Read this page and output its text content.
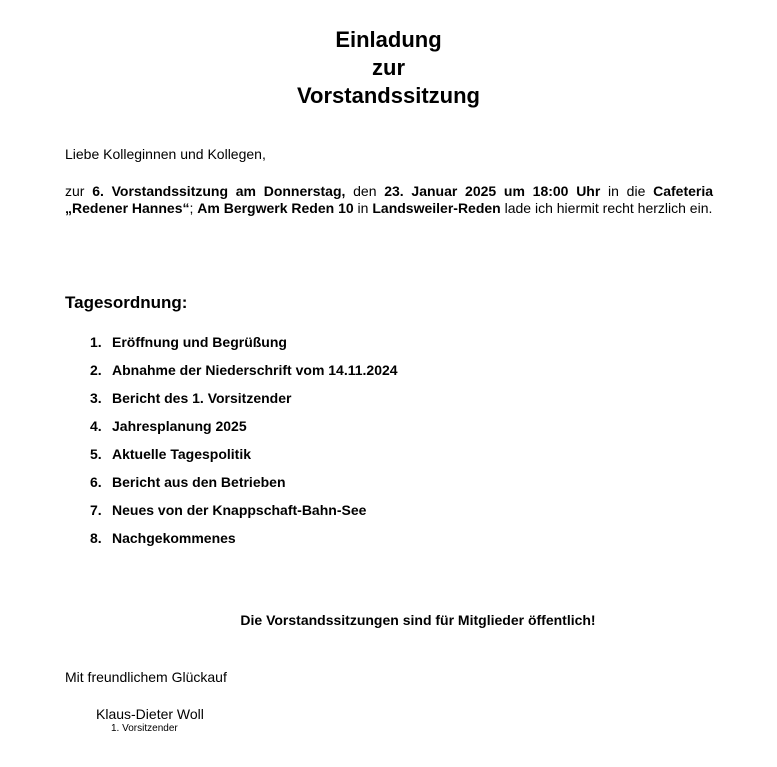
Einladung
zur
Vorstandssitzung
Liebe Kolleginnen und Kollegen,
zur 6. Vorstandssitzung am Donnerstag, den 23. Januar 2025 um 18:00 Uhr in die Cafeteria „Redener Hannes“; Am Bergwerk Reden 10 in Landsweiler-Reden lade ich hiermit recht herzlich ein.
Tagesordnung:
1. Eröffnung und Begrüßung
2. Abnahme der Niederschrift vom 14.11.2024
3. Bericht des 1. Vorsitzender
4. Jahresplanung 2025
5. Aktuelle Tagespolitik
6. Bericht aus den Betrieben
7. Neues von der Knappschaft-Bahn-See
8. Nachgekommenes
Die Vorstandssitzungen sind für Mitglieder öffentlich!
Mit freundlichem Glückauf
Klaus-Dieter Woll
1. Vorsitzender
